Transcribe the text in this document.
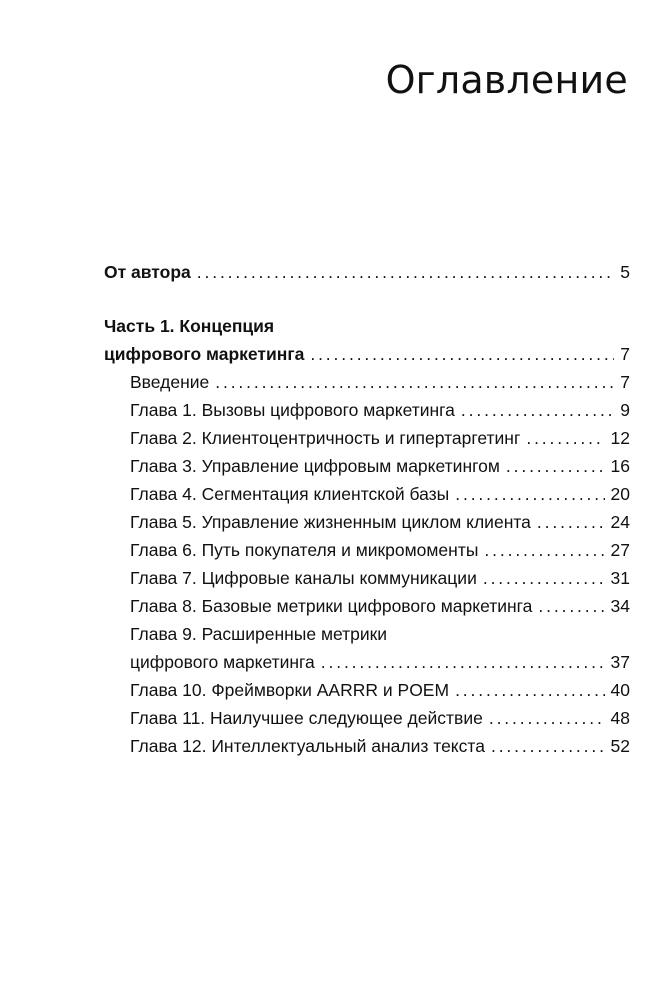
Оглавление
От автора . . .	5
Часть 1. Концепция
цифрового маркетинга . . .	7
Введение . . .	7
Глава 1. Вызовы цифрового маркетинга . . .	9
Глава 2. Клиентоцентричность и гипертаргетинг . . .	12
Глава 3. Управление цифровым маркетингом . . .	16
Глава 4. Сегментация клиентской базы . . .	20
Глава 5. Управление жизненным циклом клиента . . .	24
Глава 6. Путь покупателя и микромоменты . . .	27
Глава 7. Цифровые каналы коммуникации . . .	31
Глава 8. Базовые метрики цифрового маркетинга . . .	34
Глава 9. Расширенные метрики
цифрового маркетинга . . .	37
Глава 10. Фреймворки AARRR и POEM . . .	40
Глава 11. Наилучшее следующее действие . . .	48
Глава 12. Интеллектуальный анализ текста . . .	52
